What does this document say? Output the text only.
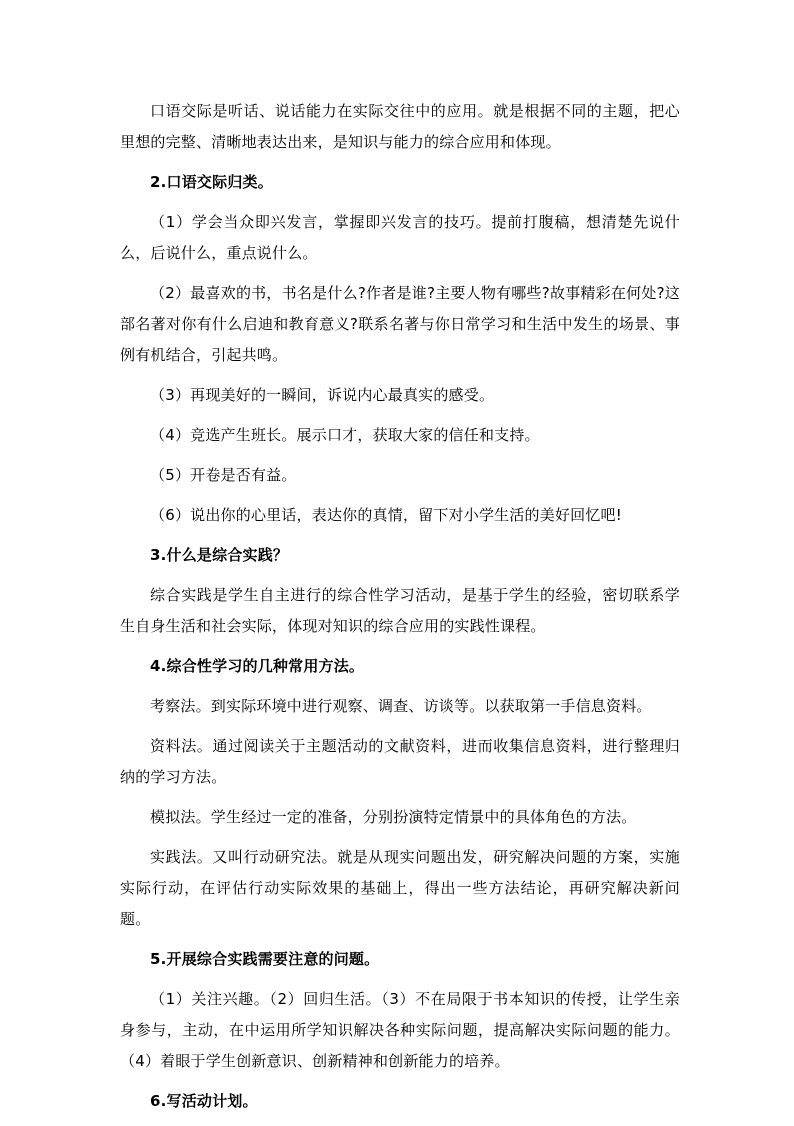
口语交际是听话、说话能力在实际交往中的应用。就是根据不同的主题，把心里想的完整、清晰地表达出来，是知识与能力的综合应用和体现。

2.口语交际归类。

（1）学会当众即兴发言，掌握即兴发言的技巧。提前打腹稿，想清楚先说什么，后说什么，重点说什么。

（2）最喜欢的书，书名是什么?作者是谁?主要人物有哪些?故事精彩在何处?这部名著对你有什么启迪和教育意义?联系名著与你日常学习和生活中发生的场景、事例有机结合，引起共鸣。

（3）再现美好的一瞬间，诉说内心最真实的感受。

（4）竞选产生班长。展示口才，获取大家的信任和支持。

（5）开卷是否有益。

（6）说出你的心里话，表达你的真情，留下对小学生活的美好回忆吧!

3.什么是综合实践？

综合实践是学生自主进行的综合性学习活动，是基于学生的经验，密切联系学生自身生活和社会实际，体现对知识的综合应用的实践性课程。

4.综合性学习的几种常用方法。

考察法。到实际环境中进行观察、调查、访谈等。以获取第一手信息资料。

资料法。通过阅读关于主题活动的文献资料，进而收集信息资料，进行整理归纳的学习方法。

模拟法。学生经过一定的准备，分别扮演特定情景中的具体角色的方法。

实践法。又叫行动研究法。就是从现实问题出发，研究解决问题的方案，实施实际行动，在评估行动实际效果的基础上，得出一些方法结论，再研究解决新问题。

5.开展综合实践需要注意的问题。

（1）关注兴趣。（2）回归生活。（3）不在局限于书本知识的传授，让学生亲身参与，主动，在中运用所学知识解决各种实际问题，提高解决实际问题的能力。（4）着眼于学生创新意识、创新精神和创新能力的培养。

6.写活动计划。
